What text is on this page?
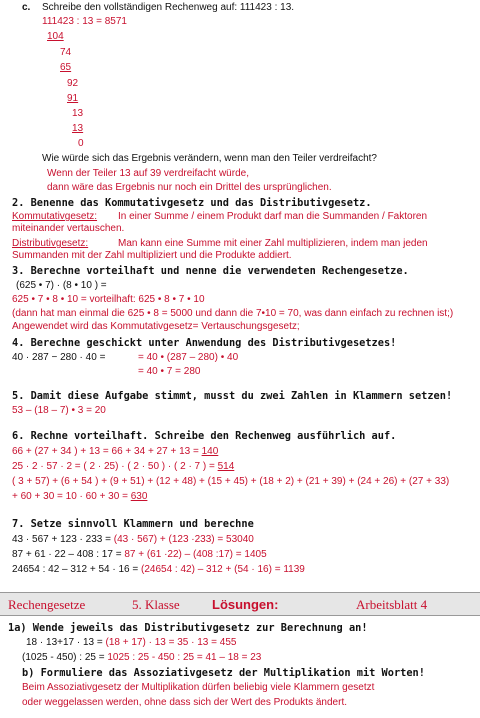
c. Schreibe den vollständigen Rechenweg auf: 111423 : 13.
111423 : 13 = 8571
104
74
65
92
91
13
13
0
Wie würde sich das Ergebnis verändern, wenn man den Teiler verdreifacht?
Wenn der Teiler 13 auf 39 verdreifacht würde,
dann wäre das Ergebnis nur noch ein Drittel des ursprünglichen.
2. Benenne das Kommutativgesetz und das Distributivgesetz.
Kommutativgesetz: In einer Summe / einem Produkt darf man die Summanden / Faktoren
miteinander vertauschen.
Distributivgesetz:	Man kann eine Summe mit einer Zahl multiplizieren, indem man jeden
Summanden mit der Zahl multipliziert und die Produkte addiert.
3. Berechne vorteilhaft und nenne die verwendeten Rechengesetze.
(625 • 7) · (8 • 10 ) =
625 • 7 • 8 • 10 = vorteilhaft: 625 • 8 • 7 • 10
(dann hat man einmal die 625 • 8 = 5000 und dann die 7•10 = 70, was dann einfach zu rechnen ist;)
Angewendet wird das Kommutativgesetz= Vertauschungsgesetz;
4. Berechne geschickt unter Anwendung des Distributivgesetzes!
40 · 287 − 280 · 40 =	= 40 • (287 – 280) • 40
= 40 • 7 = 280
5. Damit diese Aufgabe stimmt, musst du zwei Zahlen in Klammern setzen!
53 – (18 – 7) • 3 = 20
6. Rechne vorteilhaft. Schreibe den Rechenweg ausführlich auf.
66 + (27 + 34 ) + 13 = 66 + 34 + 27 + 13 = 140
25 · 2 · 57 · 2 = ( 2 · 25) · ( 2 · 50 ) · ( 2 · 7 ) = 514
( 3 + 57) + (6 + 54 ) + (9 + 51) + (12 + 48) + (15 + 45) + (18 + 2) + (21 + 39) + (24 + 26) + (27 + 33)
+ 60 + 30 = 10 · 60 + 30 = 630
7. Setze sinnvoll Klammern und berechne
43 · 567 + 123 · 233 = (43 · 567) + (123 ·233) = 53040
87 + 61 · 22 – 408 : 17 = 87 + (61 ·22) – (408 :17) = 1405
24654 : 42 – 312 + 54 · 16 = (24654 : 42) – 312 + (54 · 16) = 1139
Rechengesetze	5. Klasse Lösungen:	Arbeitsblatt 4
1a) Wende jeweils das Distributivgesetz zur Berechnung an!
18 · 13+17 · 13 = (18 + 17) · 13 = 35 · 13 = 455
(1025 - 450) : 25 = 1025 : 25 - 450 : 25 = 41 – 18 = 23
b) Formuliere das Assoziativgesetz der Multiplikation mit Worten!
Beim Assoziativgesetz der Multiplikation dürfen beliebig viele Klammern gesetzt
oder weggelassen werden, ohne dass sich der Wert des Produkts ändert.
